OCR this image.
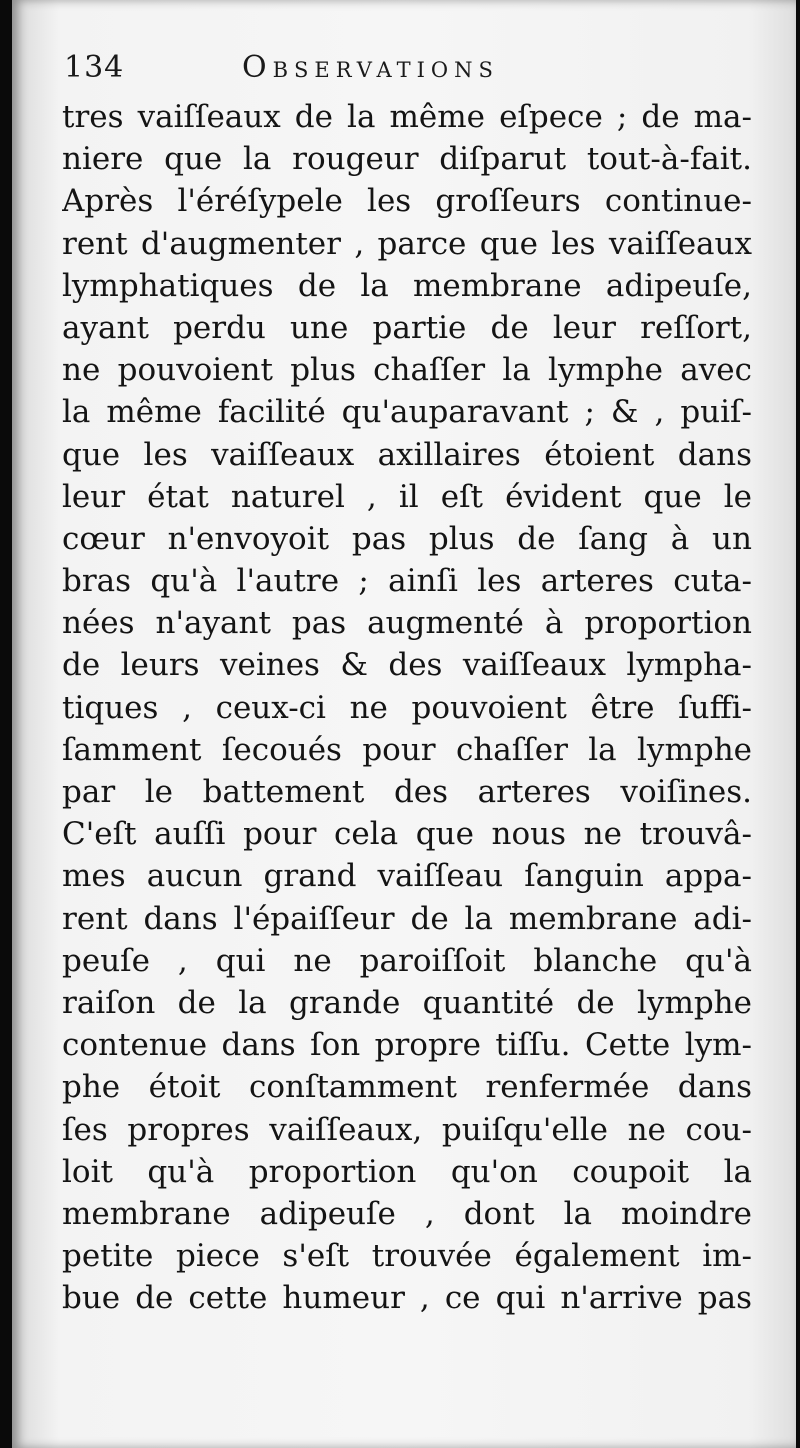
134	Observations
tres vaiſſeaux de la même eſpece ; de ma-
niere que la rougeur diſparut tout-à-fait.
Après l'éréſypele les groſſeurs continue-
rent d'augmenter , parce que les vaiſſeaux
lymphatiques de la membrane adipeuſe,
ayant perdu une partie de leur reſſort,
ne pouvoient plus chaſſer la lymphe avec
la même facilité qu'auparavant ; & , puiſ-
que les vaiſſeaux axillaires étoient dans
leur état naturel , il eſt évident que le
cœur n'envoyoit pas plus de ſang à un
bras qu'à l'autre ; ainſi les arteres cuta-
nées n'ayant pas augmenté à proportion
de leurs veines & des vaiſſeaux lympha-
tiques , ceux-ci ne pouvoient être ſuffi-
ſamment ſecoués pour chaſſer la lymphe
par le battement des arteres voiſines.
C'eſt auſſi pour cela que nous ne trouvâ-
mes aucun grand vaiſſeau ſanguin appa-
rent dans l'épaiſſeur de la membrane adi-
peuſe , qui ne paroiſſoit blanche qu'à
raiſon de la grande quantité de lymphe
contenue dans ſon propre tiſſu. Cette lym-
phe étoit conſtamment renfermée dans
ſes propres vaiſſeaux, puiſqu'elle ne cou-
loit qu'à proportion qu'on coupoit la
membrane adipeuſe , dont la moindre
petite piece s'eſt trouvée également im-
bue de cette humeur , ce qui n'arrive pas
